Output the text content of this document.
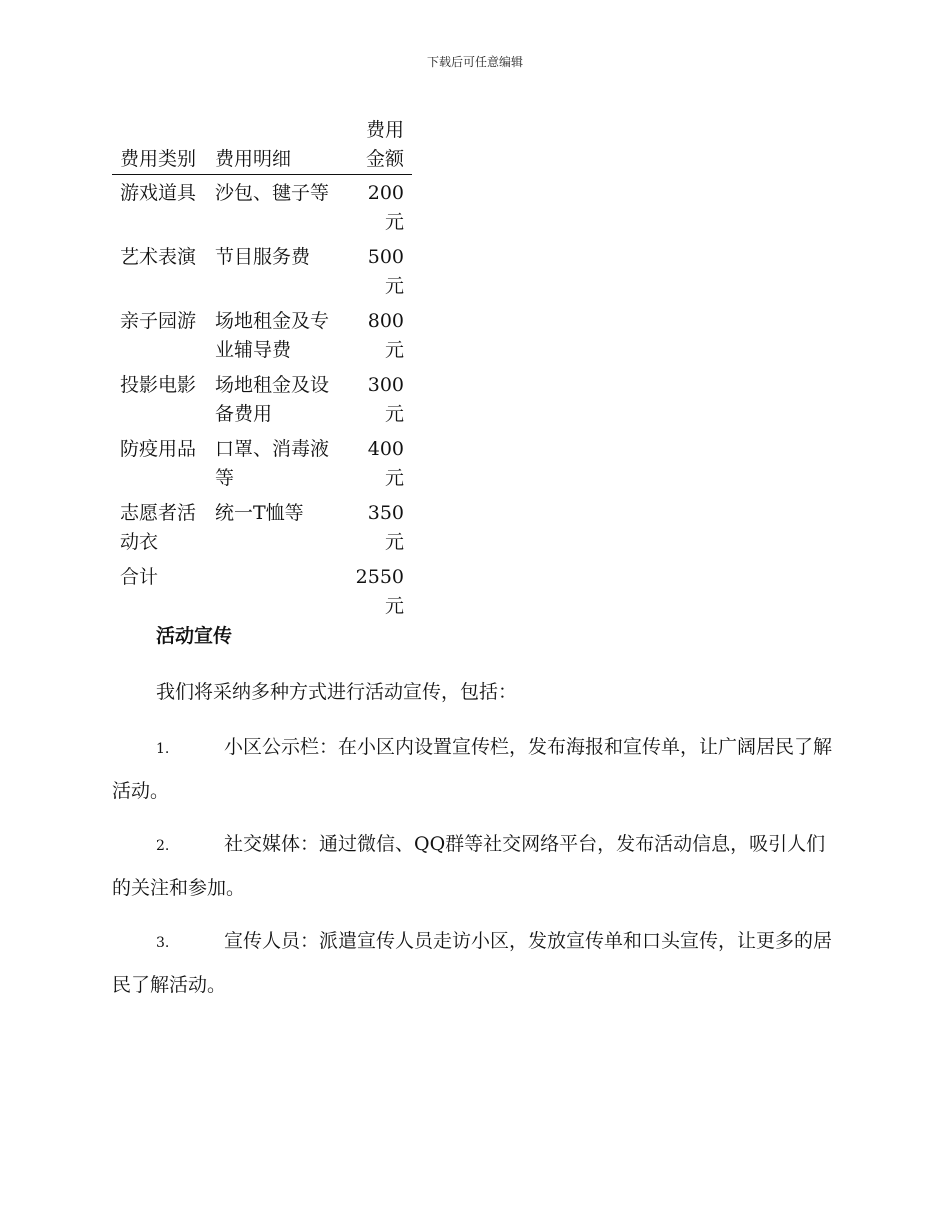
下载后可任意编辑
费用类别	费用明细	费用金额
游戏道具	沙包、毽子等	200元
艺术表演	节目服务费	500元
亲子园游	场地租金及专业辅导费	800元
投影电影	场地租金及设备费用	300元
防疫用品	口罩、消毒液等	400元
志愿者活动衣	统一T恤等	350元
合计		2550元
活动宣传
我们将采纳多种方式进行活动宣传，包括：
1.	小区公示栏：在小区内设置宣传栏，发布海报和宣传单，让广阔居民了解活动。
2.	社交媒体：通过微信、QQ群等社交网络平台，发布活动信息，吸引人们的关注和参加。
3.	宣传人员：派遣宣传人员走访小区，发放宣传单和口头宣传，让更多的居民了解活动。
